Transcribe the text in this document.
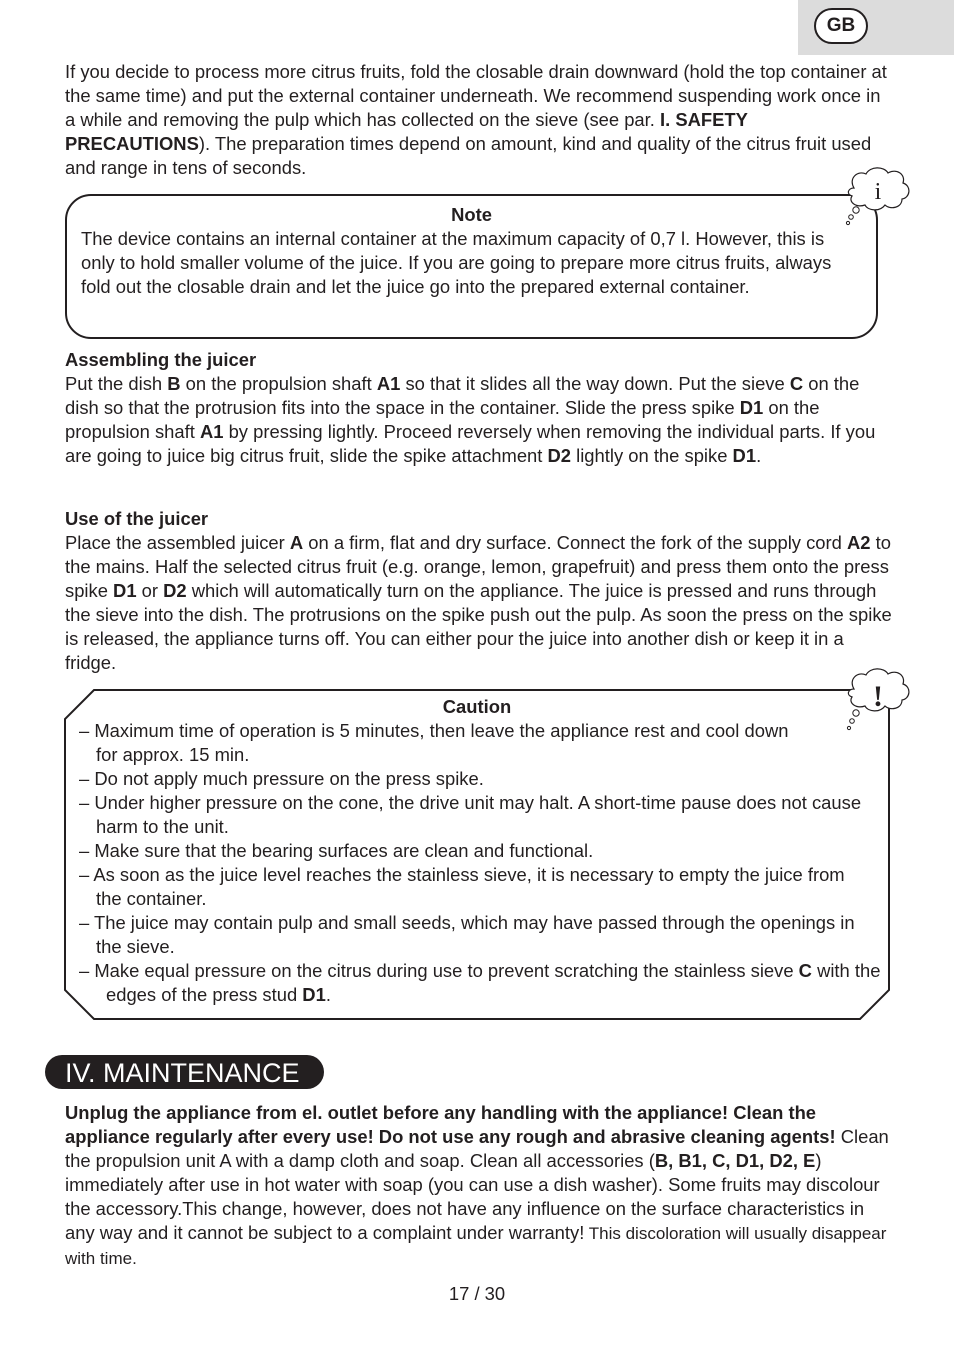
GB

If you decide to process more citrus fruits, fold the closable drain downward (hold the top container at the same time) and put the external container underneath. We recommend suspending work once in a while and removing the pulp which has collected on the sieve (see par. I. SAFETY PRECAUTIONS). The preparation times depend on amount, kind and quality of the citrus fruit used and range in tens of seconds.

Note

The device contains an internal container at the maximum capacity of 0,7 l. However, this is only to hold smaller volume of the juice. If you are going to prepare more citrus fruits, always fold out the closable drain and let the juice go into the prepared external container.

i

Assembling the juicer
Put the dish B on the propulsion shaft A1 so that it slides all the way down. Put the sieve C on the dish so that the protrusion fits into the space in the container. Slide the press spike D1 on the propulsion shaft A1 by pressing lightly. Proceed reversely when removing the individual parts. If you are going to juice big citrus fruit, slide the spike attachment D2 lightly on the spike D1.

Use of the juicer
Place the assembled juicer A on a firm, flat and dry surface. Connect the fork of the supply cord A2 to the mains. Half the selected citrus fruit (e.g. orange, lemon, grapefruit) and press them onto the press spike D1 or D2 which will automatically turn on the appliance. The juice is pressed and runs through the sieve into the dish. The protrusions on the spike push out the pulp. As soon the press on the spike is released, the appliance turns off. You can either pour the juice into another dish or keep it in a fridge.

Caution

– Maximum time of operation is 5 minutes, then leave the appliance rest and cool down for approx. 15 min.
– Do not apply much pressure on the press spike.
– Under higher pressure on the cone, the drive unit may halt. A short-time pause does not cause harm to the unit.
– Make sure that the bearing surfaces are clean and functional.
– As soon as the juice level reaches the stainless sieve, it is necessary to empty the juice from the container.
– The juice may contain pulp and small seeds, which may have passed through the openings in the sieve.
– Make equal pressure on the citrus during use to prevent scratching the stainless sieve C with the edges of the press stud D1.
!
IV. MAINTENANCE

Unplug the appliance from el. outlet before any handling with the appliance! Clean the appliance regularly after every use! Do not use any rough and abrasive cleaning agents! Clean the propulsion unit A with a damp cloth and soap. Clean all accessories (B, B1, C, D1, D2, E) immediately after use in hot water with soap (you can use a dish washer). Some fruits may discolour the accessory.This change, however, does not have any influence on the surface characteristics in any way and it cannot be subject to a complaint under warranty! This discoloration will usually disappear with time.

17 / 30
